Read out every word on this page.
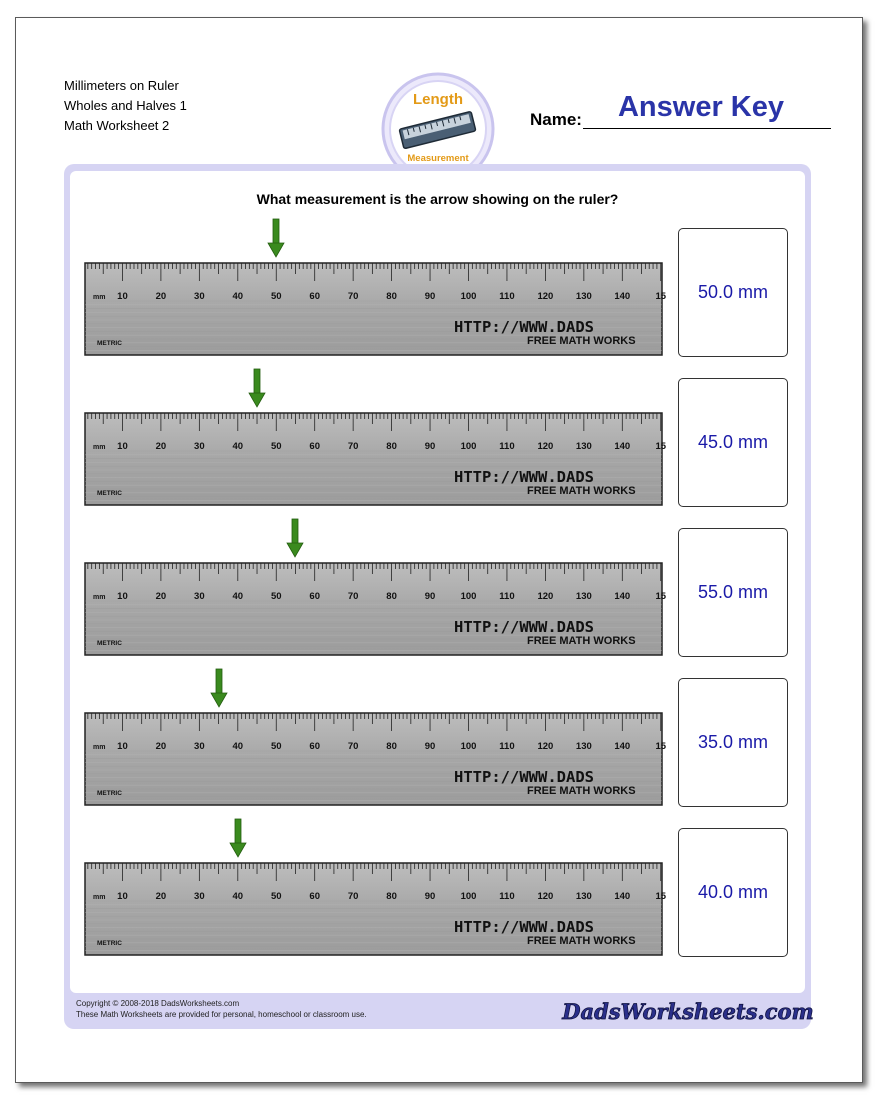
Millimeters on Ruler
Wholes and Halves 1
Math Worksheet 2
Length
Measurement
Name:	Answer Key
What measurement is the arrow showing on the ruler?
mm 10	20	30	40	50	60	70	80	90	100 110 120 130 140	15
HTTP://WWW.DADS
FREE MATH WORKS
METRIC
50.0 mm
mm 10	20	30	40	50	60	70	80	90	100 110 120 130 140	15
HTTP://WWW.DADS
FREE MATH WORKS
METRIC
45.0 mm
mm 10	20	30	40	50	60	70	80	90	100 110 120 130 140	15
HTTP://WWW.DADS
FREE MATH WORKS
METRIC
55.0 mm
mm 10	20	30	40	50	60	70	80	90	100 110 120 130 140	15
HTTP://WWW.DADS
FREE MATH WORKS
METRIC
35.0 mm
mm 10	20	30	40	50	60	70	80	90	100 110 120 130 140	15
HTTP://WWW.DADS
FREE MATH WORKS
METRIC
40.0 mm
Copyright © 2008-2018 DadsWorksheets.com
These Math Worksheets are provided for personal, homeschool or classroom use.	DadsWorksheets.com
